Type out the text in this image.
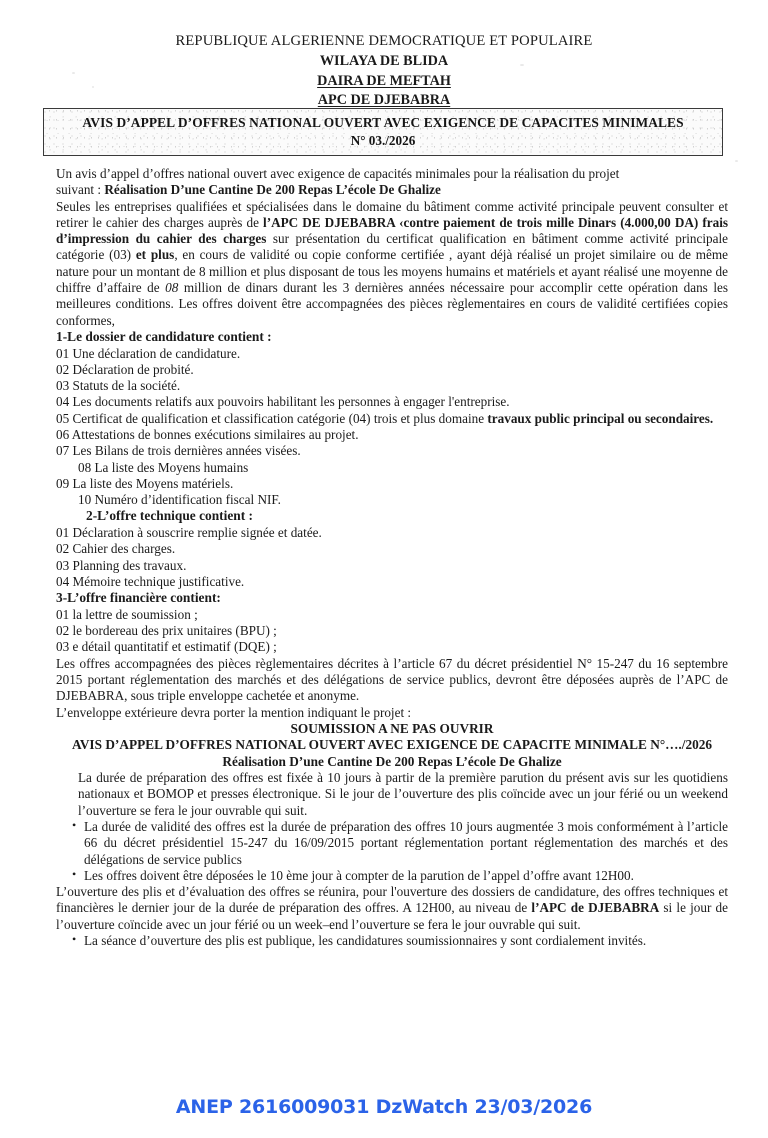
REPUBLIQUE ALGERIENNE DEMOCRATIQUE ET POPULAIRE
WILAYA DE BLIDA
DAIRA DE MEFTAH
APC DE DJEBABRA
AVIS D’APPEL D’OFFRES NATIONAL OUVERT AVEC EXIGENCE DE CAPACITES MINIMALES
N° 03./2026

Un avis d’appel d’offres national ouvert avec exigence de capacités minimales pour la réalisation du projet

suivant : Réalisation D’une Cantine De 200 Repas L’école De Ghalize

Seules les entreprises qualifiées et spécialisées dans le domaine du bâtiment comme activité principale peuvent consulter et retirer le cahier des charges auprès de l’APC DE DJEBABRA ‹contre paiement de trois mille Dinars (4.000,00 DA) frais d’impression du cahier des charges sur présentation du certificat qualification en bâtiment comme activité principale catégorie (03) et plus, en cours de validité ou copie conforme certifiée , ayant déjà réalisé un projet similaire ou de même nature pour un montant de 8 million et plus disposant de tous les moyens humains et matériels et ayant réalisé une moyenne de chiffre d’affaire de 08 million de dinars durant les 3 dernières années nécessaire pour accomplir cette opération dans les meilleures conditions. Les offres doivent être accompagnées des pièces règlementaires en cours de validité certifiées copies conformes,

1-Le dossier de candidature contient :

01 Une déclaration de candidature.

02 Déclaration de probité.

03 Statuts de la société.

04 Les documents relatifs aux pouvoirs habilitant les personnes à engager l'entreprise.

05 Certificat de qualification et classification catégorie (04) trois et plus domaine travaux public principal ou secondaires.

06 Attestations de bonnes exécutions similaires au projet.

07 Les Bilans de trois dernières années visées.

08 La liste des Moyens humains

09 La liste des Moyens matériels.

10 Numéro d’identification fiscal NIF.

2-L’offre technique contient :

01 Déclaration à souscrire remplie signée et datée.

02 Cahier des charges.

03 Planning des travaux.

04 Mémoire technique justificative.

3-L’offre financière contient:

01 la lettre de soumission ;

02 le bordereau des prix unitaires (BPU) ;

03 e détail quantitatif et estimatif (DQE) ;

Les offres accompagnées des pièces règlementaires décrites à l’article 67 du décret présidentiel N° 15-247 du 16 septembre 2015 portant réglementation des marchés et des délégations de service publics, devront être déposées auprès de l’APC de DJEBABRA, sous triple enveloppe cachetée et anonyme.

L’enveloppe extérieure devra porter la mention indiquant le projet :

SOUMISSION A NE PAS OUVRIR

AVIS D’APPEL D’OFFRES NATIONAL OUVERT AVEC EXIGENCE DE CAPACITE MINIMALE N°…./2026

Réalisation D’une Cantine De 200 Repas L’école De Ghalize

La durée de préparation des offres est fixée à 10 jours à partir de la première parution du présent avis sur les quotidiens nationaux et BOMOP et presses électronique. Si le jour de l’ouverture des plis coïncide avec un jour férié ou un weekend l’ouverture se fera le jour ouvrable qui suit.

• La durée de validité des offres est la durée de préparation des offres 10 jours augmentée 3 mois conformément à l’article 66 du décret présidentiel 15-247 du 16/09/2015 portant réglementation portant réglementation des marchés et des délégations de service publics

• Les offres doivent être déposées le 10 ème jour à compter de la parution de l’appel d’offre avant 12H00.

L’ouverture des plis et d’évaluation des offres se réunira, pour l'ouverture des dossiers de candidature, des offres techniques et financières le dernier jour de la durée de préparation des offres. A 12H00, au niveau de l’APC de DJEBABRA si le jour de l’ouverture coïncide avec un jour férié ou un week–end l’ouverture se fera le jour ouvrable qui suit.

• La séance d’ouverture des plis est publique, les candidatures soumissionnaires y sont cordialement invités.

ANEP 2616009031 DzWatch 23/03/2026
